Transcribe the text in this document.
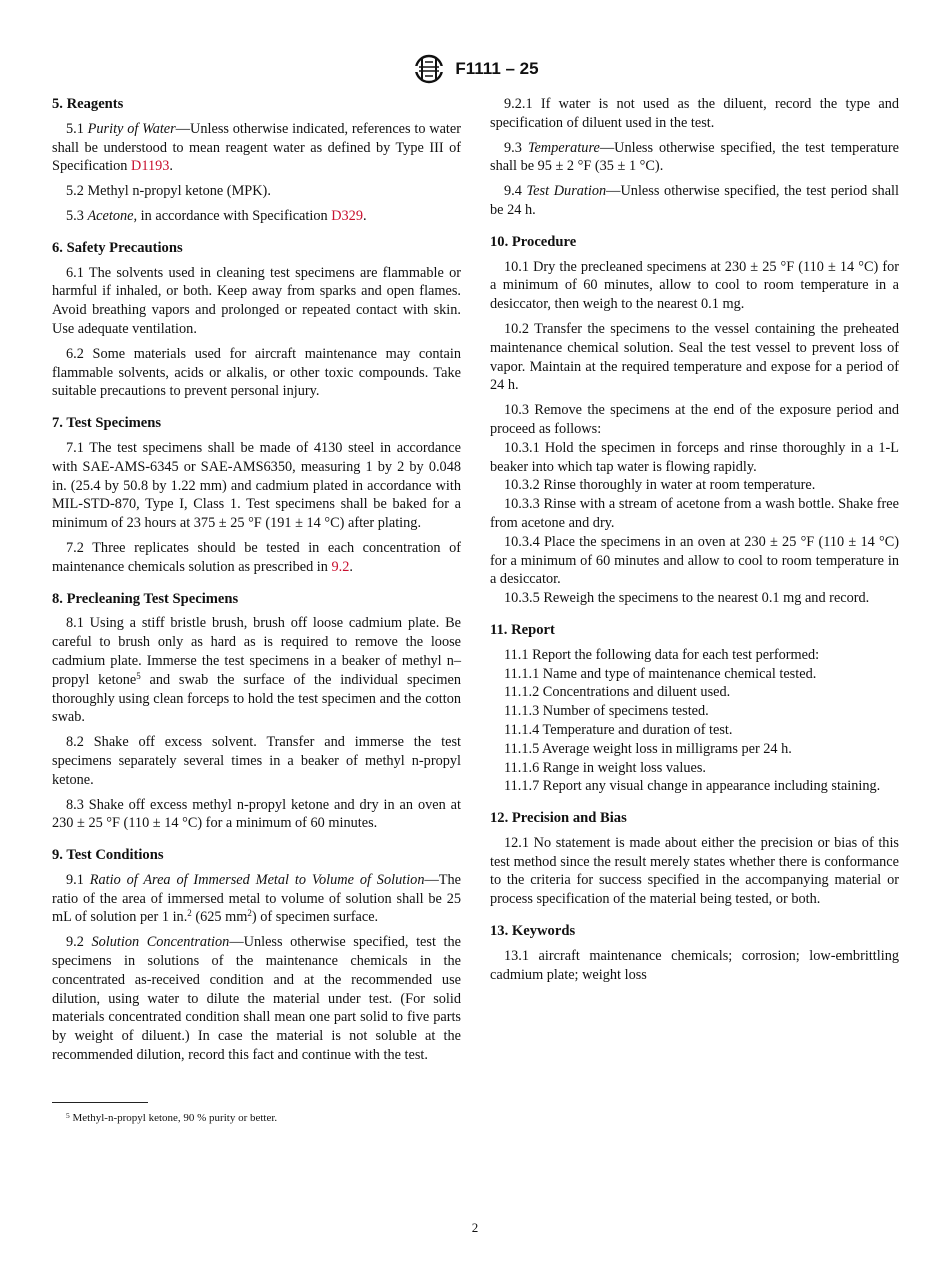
F1111 – 25
5. Reagents

5.1 Purity of Water—Unless otherwise indicated, references to water shall be understood to mean reagent water as defined by Type III of Specification D1193.

5.2 Methyl n-propyl ketone (MPK).

5.3 Acetone, in accordance with Specification D329.

6. Safety Precautions

6.1 The solvents used in cleaning test specimens are flammable or harmful if inhaled, or both. Keep away from sparks and open flames. Avoid breathing vapors and prolonged or repeated contact with skin. Use adequate ventilation.

6.2 Some materials used for aircraft maintenance may contain flammable solvents, acids or alkalis, or other toxic compounds. Take suitable precautions to prevent personal injury.

7. Test Specimens

7.1 The test specimens shall be made of 4130 steel in accordance with SAE-AMS-6345 or SAE-AMS6350, measuring 1 by 2 by 0.048 in. (25.4 by 50.8 by 1.22 mm) and cadmium plated in accordance with MIL-STD-870, Type I, Class 1. Test specimens shall be baked for a minimum of 23 hours at 375 ± 25 °F (191 ± 14 °C) after plating.

7.2 Three replicates should be tested in each concentration of maintenance chemicals solution as prescribed in 9.2.

8. Precleaning Test Specimens

8.1 Using a stiff bristle brush, brush off loose cadmium plate. Be careful to brush only as hard as is required to remove the loose cadmium plate. Immerse the test specimens in a beaker of methyl n–propyl ketone$^5$ and swab the surface of the individual specimen thoroughly using clean forceps to hold the test specimen and the cotton swab.

8.2 Shake off excess solvent. Transfer and immerse the test specimens separately several times in a beaker of methyl n-propyl ketone.

8.3 Shake off excess methyl n-propyl ketone and dry in an oven at 230 ± 25 °F (110 ± 14 °C) for a minimum of 60 minutes.

9. Test Conditions

9.1 Ratio of Area of Immersed Metal to Volume of Solution—The ratio of the area of immersed metal to volume of solution shall be 25 mL of solution per 1 in.$^2$ (625 $mm^2$) of specimen surface.

9.2 Solution Concentration—Unless otherwise specified, test the specimens in solutions of the maintenance chemicals in the concentrated as-received condition and at the recommended use dilution, using water to dilute the material under test. (For solid materials concentrated condition shall mean one part solid to five parts by weight of diluent.) In case the material is not soluble at the recommended dilution, record this fact and continue with the test.

9.2.1 If water is not used as the diluent, record the type and specification of diluent used in the test.

9.3 Temperature—Unless otherwise specified, the test temperature shall be 95 ± 2 °F (35 ± 1 °C).

9.4 Test Duration—Unless otherwise specified, the test period shall be 24 h.

10. Procedure

10.1 Dry the precleaned specimens at 230 ± 25 °F (110 ± 14 °C) for a minimum of 60 minutes, allow to cool to room temperature in a desiccator, then weigh to the nearest 0.1 mg.

10.2 Transfer the specimens to the vessel containing the preheated maintenance chemical solution. Seal the test vessel to prevent loss of vapor. Maintain at the required temperature and expose for a period of 24 h.

10.3 Remove the specimens at the end of the exposure period and proceed as follows:

10.3.1 Hold the specimen in forceps and rinse thoroughly in a 1-L beaker into which tap water is flowing rapidly.

10.3.2 Rinse thoroughly in water at room temperature.

10.3.3 Rinse with a stream of acetone from a wash bottle. Shake free from acetone and dry.

10.3.4 Place the specimens in an oven at 230 ± 25 °F (110 ± 14 °C) for a minimum of 60 minutes and allow to cool to room temperature in a desiccator.

10.3.5 Reweigh the specimens to the nearest 0.1 mg and record.

11. Report

11.1 Report the following data for each test performed:

11.1.1 Name and type of maintenance chemical tested.

11.1.2 Concentrations and diluent used.

11.1.3 Number of specimens tested.

11.1.4 Temperature and duration of test.

11.1.5 Average weight loss in milligrams per 24 h.

11.1.6 Range in weight loss values.

11.1.7 Report any visual change in appearance including staining.

12. Precision and Bias

12.1 No statement is made about either the precision or bias of this test method since the result merely states whether there is conformance to the criteria for success specified in the accompanying material or process specification of the material being tested, or both.

13. Keywords

13.1 aircraft maintenance chemicals; corrosion; low-embrittling cadmium plate; weight loss

$^5$ Methyl-n-propyl ketone, 90 % purity or better.
2
